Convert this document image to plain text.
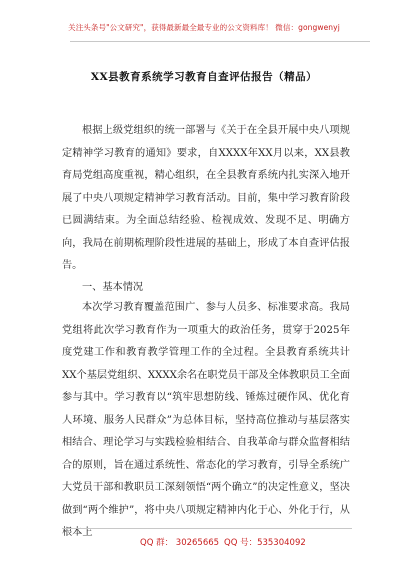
关注头条号"公文研究"，获得最新最全最专业的公文资料库！ 微信：gongwenyj
XX县教育系统学习教育自查评估报告（精品）

根据上级党组织的统一部署与《关于在全县开展中央八项规定精神学习教育的通知》要求，自XXXX年XX月以来，XX县教育局党组高度重视，精心组织，在全县教育系统内扎实深入地开展了中央八项规定精神学习教育活动。目前，集中学习教育阶段已圆满结束。为全面总结经验、检视成效、发现不足、明确方向，我局在前期梳理阶段性进展的基础上，形成了本自查评估报告。

一、基本情况

本次学习教育覆盖范围广、参与人员多、标准要求高。我局党组将此次学习教育作为一项重大的政治任务，贯穿于2025年度党建工作和教育教学管理工作的全过程。全县教育系统共计XX个基层党组织、XXXX余名在职党员干部及全体教职员工全面参与其中。学习教育以“筑牢思想防线、锤炼过硬作风、优化育人环境、服务人民群众”为总体目标，坚持高位推动与基层落实相结合、理论学习与实践检验相结合、自我革命与群众监督相结合的原则，旨在通过系统性、常态化的学习教育，引导全系统广大党员干部和教职员工深刻领悟“两个确立”的决定性意义，坚决做到“两个维护”，将中央八项规定精神内化于心、外化于行，从根本上

QQ 群： 30265665 QQ 号：535304092
